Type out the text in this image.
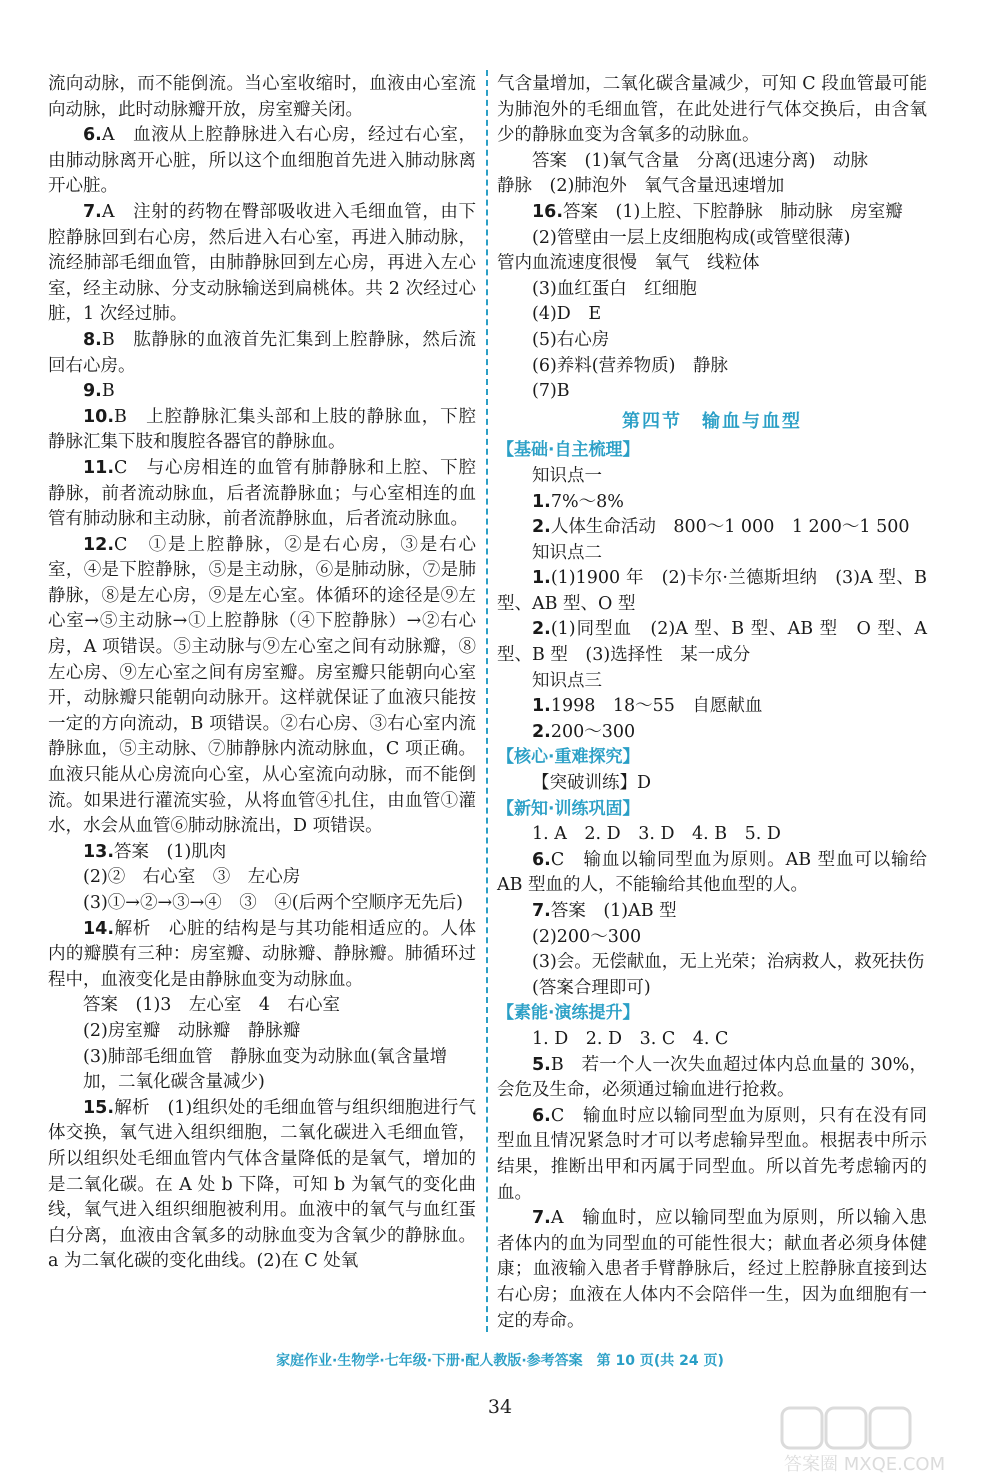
流向动脉，而不能倒流。当心室收缩时，血液由心室流向动脉，此时动脉瓣开放，房室瓣关闭。
6.A　血液从上腔静脉进入右心房，经过右心室，由肺动脉离开心脏，所以这个血细胞首先进入肺动脉离开心脏。
7.A　注射的药物在臀部吸收进入毛细血管，由下腔静脉回到右心房，然后进入右心室，再进入肺动脉，流经肺部毛细血管，由肺静脉回到左心房，再进入左心室，经主动脉、分支动脉输送到扁桃体。共 2 次经过心脏，1 次经过肺。
8.B　肱静脉的血液首先汇集到上腔静脉，然后流回右心房。
9.B
10.B　上腔静脉汇集头部和上肢的静脉血，下腔静脉汇集下肢和腹腔各器官的静脉血。
11.C　与心房相连的血管有肺静脉和上腔、下腔静脉，前者流动脉血，后者流静脉血；与心室相连的血管有肺动脉和主动脉，前者流静脉血，后者流动脉血。
12.C　①是上腔静脉，②是右心房，③是右心室，④是下腔静脉，⑤是主动脉，⑥是肺动脉，⑦是肺静脉，⑧是左心房，⑨是左心室。体循环的途径是⑨左心室→⑤主动脉→①上腔静脉（④下腔静脉）→②右心房，A 项错误。⑤主动脉与⑨左心室之间有动脉瓣，⑧左心房、⑨左心室之间有房室瓣。房室瓣只能朝向心室开，动脉瓣只能朝向动脉开。这样就保证了血液只能按一定的方向流动，B 项错误。②右心房、③右心室内流静脉血，⑤主动脉、⑦肺静脉内流动脉血，C 项正确。血液只能从心房流向心室，从心室流向动脉，而不能倒流。如果进行灌流实验，从将血管④扎住，由血管①灌水，水会从血管⑥肺动脉流出，D 项错误。
13.答案　(1)肌肉
(2)②　右心室　③　左心房
(3)①→②→③→④　③　④(后两个空顺序无先后)
14.解析　心脏的结构是与其功能相适应的。人体内的瓣膜有三种：房室瓣、动脉瓣、静脉瓣。肺循环过程中，血液变化是由静脉血变为动脉血。
答案　(1)3　左心室　4　右心室
(2)房室瓣　动脉瓣　静脉瓣
(3)肺部毛细血管　静脉血变为动脉血(氧含量增加，二氧化碳含量减少)
15.解析　(1)组织处的毛细血管与组织细胞进行气体交换，氧气进入组织细胞，二氧化碳进入毛细血管，所以组织处毛细血管内气体含量降低的是氧气，增加的是二氧化碳。在 A 处 b 下降，可知 b 为氧气的变化曲线，氧气进入组织细胞被利用。血液中的氧气与血红蛋白分离，血液由含氧多的动脉血变为含氧少的静脉血。a 为二氧化碳的变化曲线。(2)在 C 处氧
气含量增加，二氧化碳含量减少，可知 C 段血管最可能为肺泡外的毛细血管，在此处进行气体交换后，由含氧少的静脉血变为含氧多的动脉血。
答案　(1)氧气含量　分离(迅速分离)　动脉
静脉　(2)肺泡外　氧气含量迅速增加
16.答案　(1)上腔、下腔静脉　肺动脉　房室瓣
(2)管壁由一层上皮细胞构成(或管壁很薄)
管内血流速度很慢　氧气　线粒体
(3)血红蛋白　红细胞
(4)D　E
(5)右心房
(6)养料(营养物质)　静脉
(7)B
第四节　输血与血型
【基础·自主梳理】
知识点一
1.7%～8%
2.人体生命活动　800～1 000　1 200～1 500
知识点二
1.(1)1900 年　(2)卡尔·兰德斯坦纳　(3)A 型、B 型、AB 型、O 型
2.(1)同型血　(2)A 型、B 型、AB 型　O 型、A 型、B 型　(3)选择性　某一成分
知识点三
1.1998　18～55　自愿献血
2.200～300
【核心·重难探究】
【突破训练】D
【新知·训练巩固】
1. A　2. D　3. D　4. B　5. D
6.C　输血以输同型血为原则。AB 型血可以输给 AB 型血的人，不能输给其他血型的人。
7.答案　(1)AB 型
(2)200～300
(3)会。无偿献血，无上光荣；治病救人，救死扶伤(答案合理即可)
【素能·演练提升】
1. D　2. D　3. C　4. C
5.B　若一个人一次失血超过体内总血量的 30%，会危及生命，必须通过输血进行抢救。
6.C　输血时应以输同型血为原则，只有在没有同型血且情况紧急时才可以考虑输异型血。根据表中所示结果，推断出甲和丙属于同型血。所以首先考虑输丙的血。
7.A　输血时，应以输同型血为原则，所以输入患者体内的血为同型血的可能性很大；献血者必须身体健康；血液输入患者手臂静脉后，经过上腔静脉直接到达右心房；血液在人体内不会陪伴一生，因为血细胞有一定的寿命。
家庭作业·生物学·七年级·下册·配人教版·参考答案　第 10 页(共 24 页)
34
答案圈 MXQE.COM
